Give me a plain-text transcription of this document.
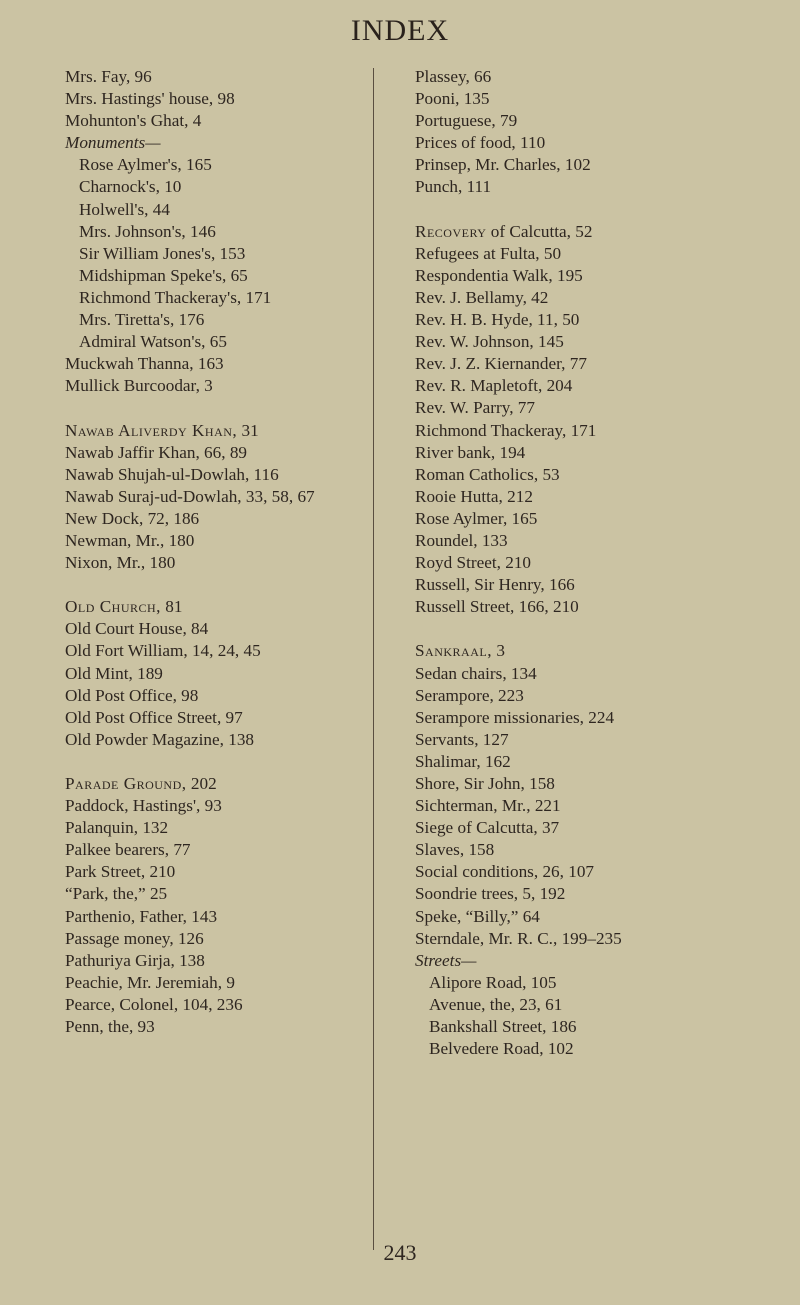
INDEX
Mrs. Fay, 96
Mrs. Hastings' house, 98
Mohunton's Ghat, 4
Monuments—
Rose Aylmer's, 165
Charnock's, 10
Holwell's, 44
Mrs. Johnson's, 146
Sir William Jones's, 153
Midshipman Speke's, 65
Richmond Thackeray's, 171
Mrs. Tiretta's, 176
Admiral Watson's, 65
Muckwah Thanna, 163
Mullick Burcoodar, 3
Nawab Aliverdy Khan, 31
Nawab Jaffir Khan, 66, 89
Nawab Shujah-ul-Dowlah, 116
Nawab Suraj-ud-Dowlah, 33, 58, 67
New Dock, 72, 186
Newman, Mr., 180
Nixon, Mr., 180
Old Church, 81
Old Court House, 84
Old Fort William, 14, 24, 45
Old Mint, 189
Old Post Office, 98
Old Post Office Street, 97
Old Powder Magazine, 138
Parade Ground, 202
Paddock, Hastings', 93
Palanquin, 132
Palkee bearers, 77
Park Street, 210
“Park, the,” 25
Parthenio, Father, 143
Passage money, 126
Pathuriya Girja, 138
Peachie, Mr. Jeremiah, 9
Pearce, Colonel, 104, 236
Penn, the, 93
Plassey, 66
Pooni, 135
Portuguese, 79
Prices of food, 110
Prinsep, Mr. Charles, 102
Punch, 111
Recovery of Calcutta, 52
Refugees at Fulta, 50
Respondentia Walk, 195
Rev. J. Bellamy, 42
Rev. H. B. Hyde, 11, 50
Rev. W. Johnson, 145
Rev. J. Z. Kiernander, 77
Rev. R. Mapletoft, 204
Rev. W. Parry, 77
Richmond Thackeray, 171
River bank, 194
Roman Catholics, 53
Rooie Hutta, 212
Rose Aylmer, 165
Roundel, 133
Royd Street, 210
Russell, Sir Henry, 166
Russell Street, 166, 210
Sankraal, 3
Sedan chairs, 134
Serampore, 223
Serampore missionaries, 224
Servants, 127
Shalimar, 162
Shore, Sir John, 158
Sichterman, Mr., 221
Siege of Calcutta, 37
Slaves, 158
Social conditions, 26, 107
Soondrie trees, 5, 192
Speke, “Billy,” 64
Sterndale, Mr. R. C., 199–235
Streets—
Alipore Road, 105
Avenue, the, 23, 61
Bankshall Street, 186
Belvedere Road, 102
243
